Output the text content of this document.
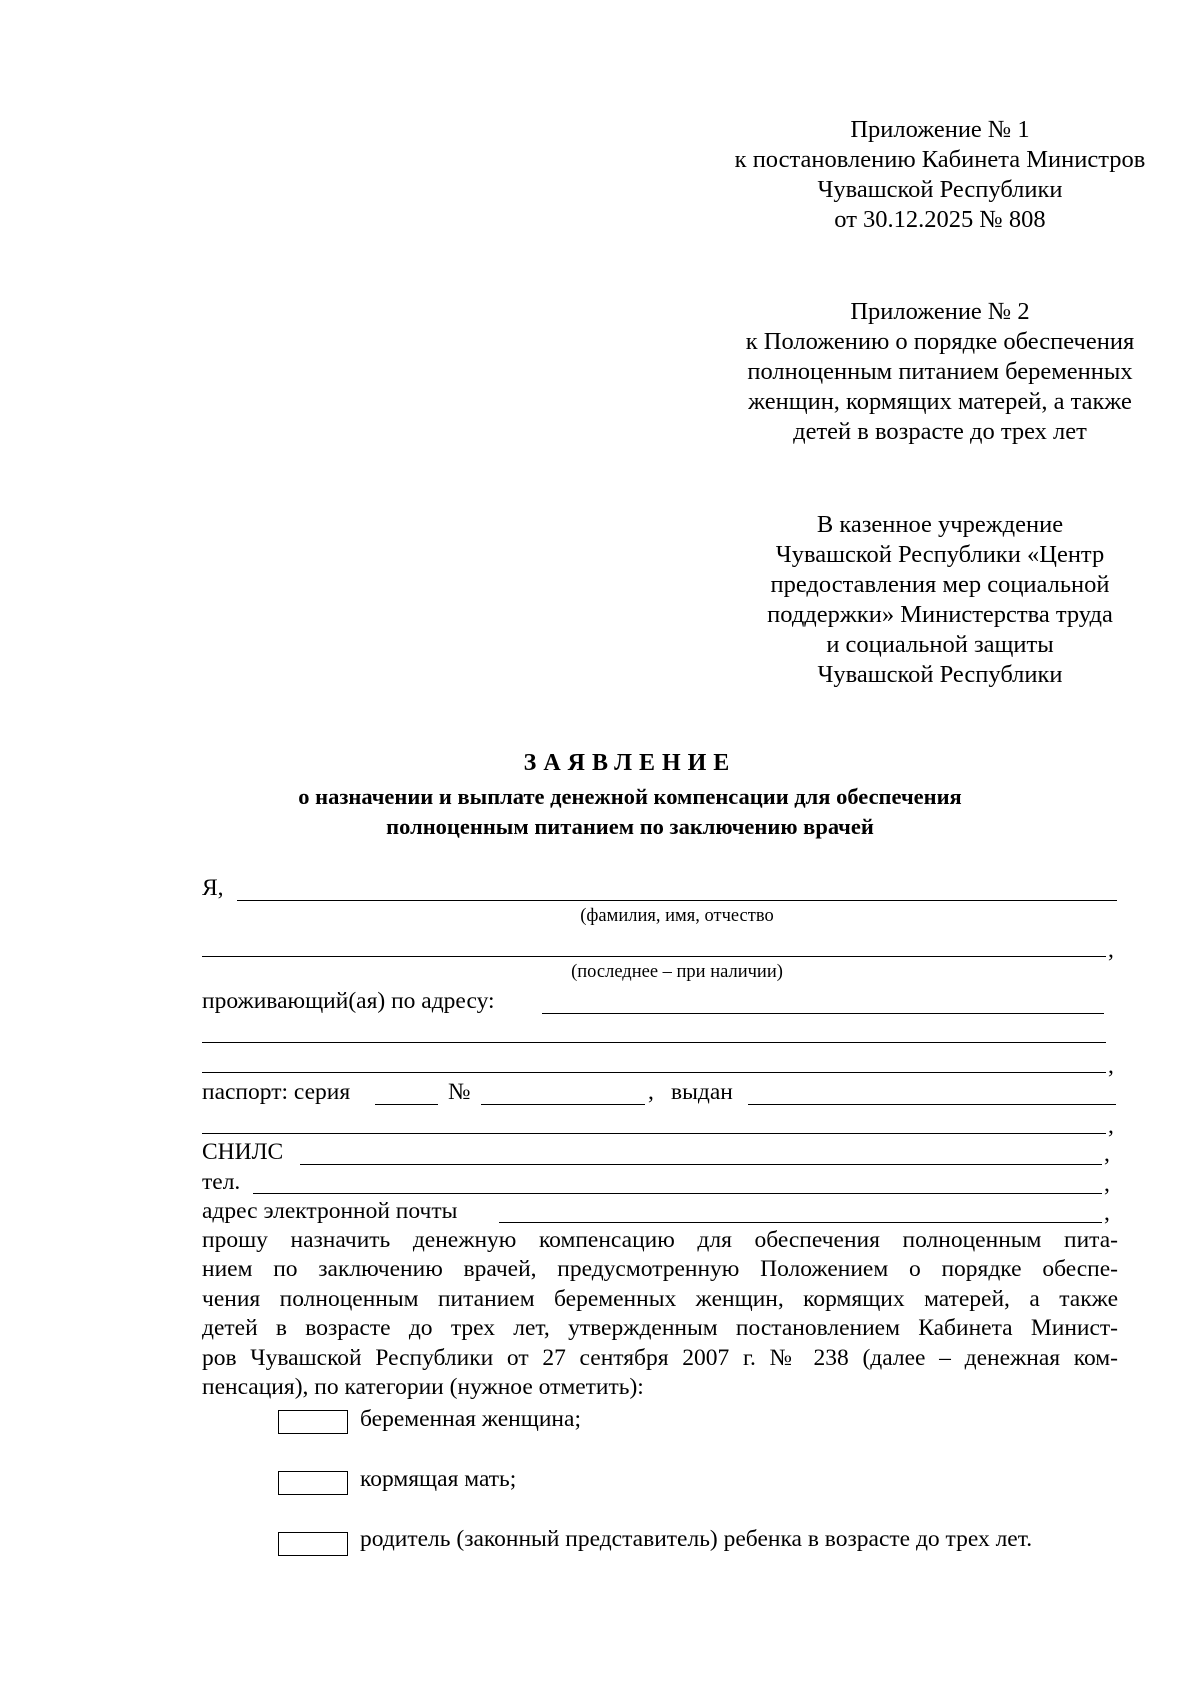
Приложение № 1
к постановлению Кабинета Министров
Чувашской Республики
от 30.12.2025 № 808
Приложение № 2
к Положению о порядке обеспечения
полноценным питанием беременных
женщин, кормящих матерей, а также
детей в возрасте до трех лет
В казенное учреждение
Чувашской Республики «Центр
предоставления мер социальной
поддержки» Министерства труда
и социальной защиты
Чувашской Республики
ЗАЯВЛЕНИЕ
о назначении и выплате денежной компенсации для обеспечения
полноценным питанием по заключению врачей
Я,
(фамилия, имя, отчество
,
(последнее – при наличии)
проживающий(ая) по адресу:
,
паспорт: серия	№	, выдан
,
СНИЛС	,
тел.	,
адрес электронной почты	,
прошу назначить денежную компенсацию для обеспечения полноценным пита-
нием по заключению врачей, предусмотренную Положением о порядке обеспе-
чения полноценным питанием беременных женщин, кормящих матерей, а также
детей в возрасте до трех лет, утвержденным постановлением Кабинета Минист-
ров Чувашской Республики от 27 сентября 2007 г. № 238 (далее – денежная ком-
пенсация), по категории (нужное отметить):
беременная женщина;
кормящая мать;
родитель (законный представитель) ребенка в возрасте до трех лет.
